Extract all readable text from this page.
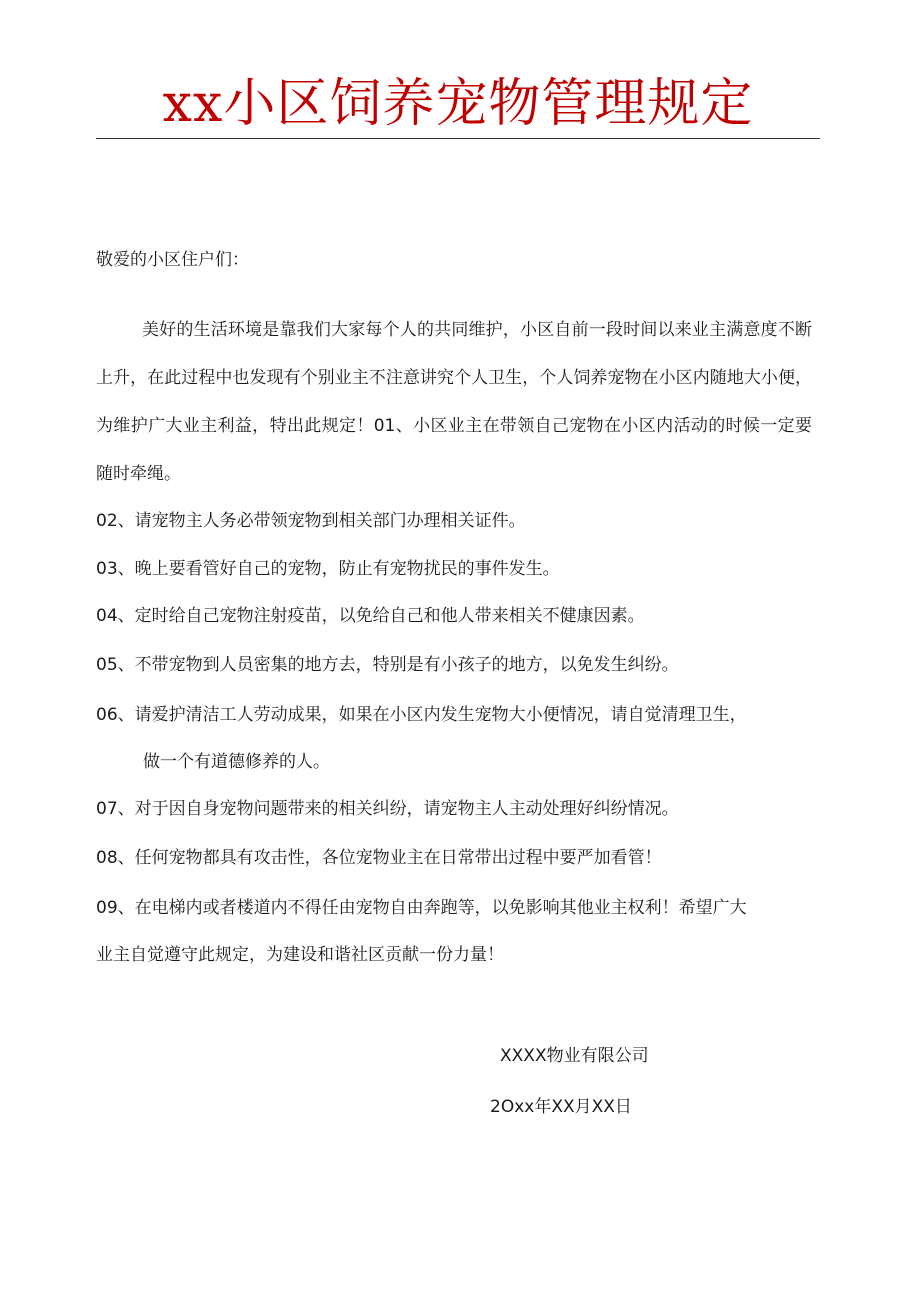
xx小区饲养宠物管理规定
敬爱的小区住户们：

美好的生活环境是靠我们大家每个人的共同维护，小区自前一段时间以来业主满意度不断上升，在此过程中也发现有个别业主不注意讲究个人卫生，个人饲养宠物在小区内随地大小便，为维护广大业主利益，特出此规定！01、小区业主在带领自己宠物在小区内活动的时候一定要随时牵绳。

02、请宠物主人务必带领宠物到相关部门办理相关证件。
03、晚上要看管好自己的宠物，防止有宠物扰民的事件发生。
04、定时给自己宠物注射疫苗，以免给自己和他人带来相关不健康因素。
05、不带宠物到人员密集的地方去，特别是有小孩子的地方，以免发生纠纷。
06、请爱护清洁工人劳动成果，如果在小区内发生宠物大小便情况，请自觉清理卫生，
做一个有道德修养的人。
07、对于因自身宠物问题带来的相关纠纷，请宠物主人主动处理好纠纷情况。
08、任何宠物都具有攻击性，各位宠物业主在日常带出过程中要严加看管！
09、在电梯内或者楼道内不得任由宠物自由奔跑等，以免影响其他业主权利！希望广大
业主自觉遵守此规定，为建设和谐社区贡献一份力量！
XXXX物业有限公司
2Oxx年XX月XX日
